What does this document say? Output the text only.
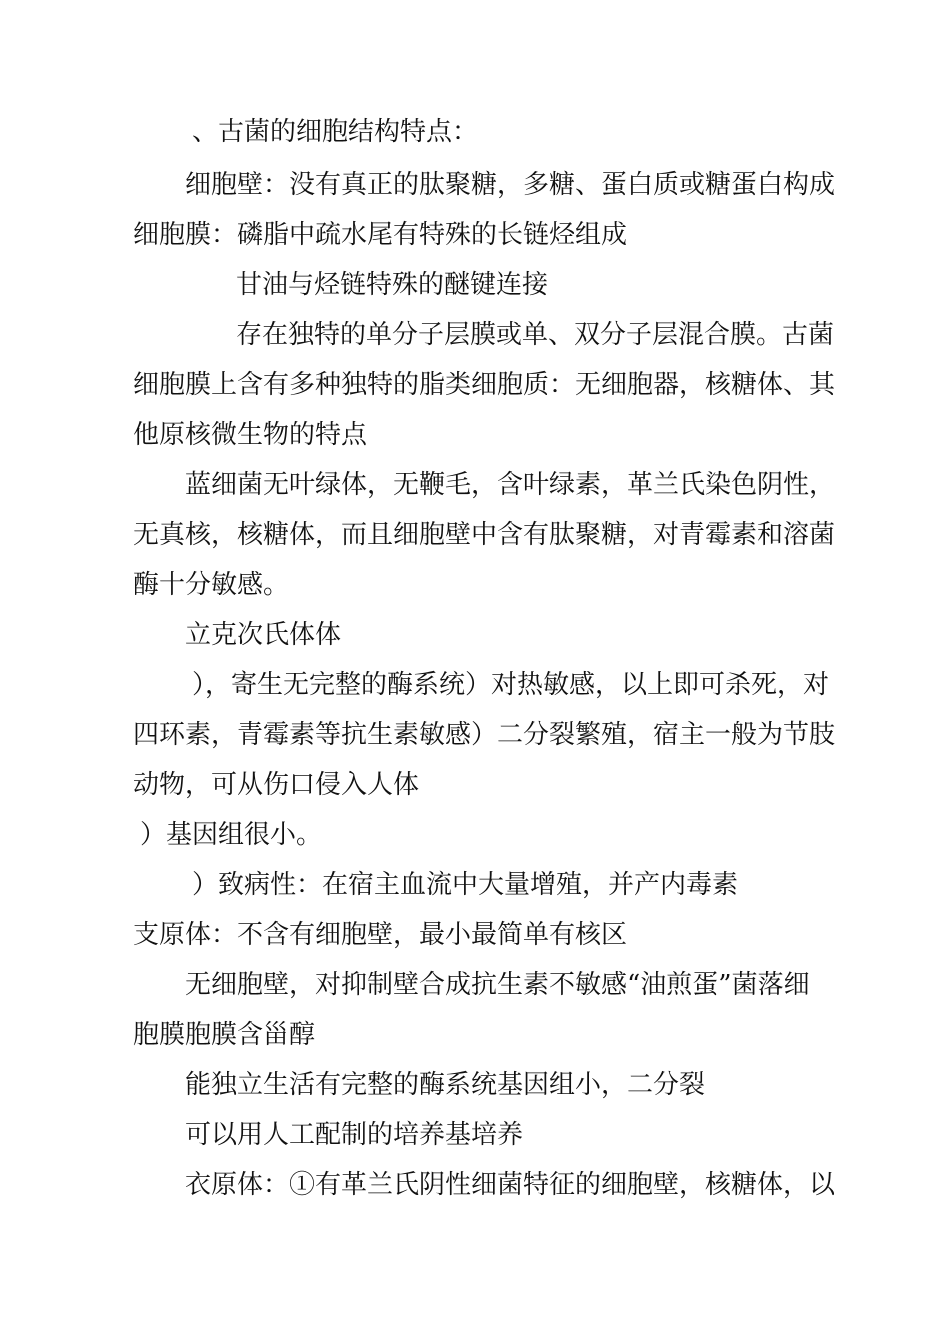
、古菌的细胞结构特点：
细胞壁：没有真正的肽聚糖，多糖、蛋白质或糖蛋白构成
细胞膜：磷脂中疏水尾有特殊的长链烃组成
甘油与烃链特殊的醚键连接
存在独特的单分子层膜或单、双分子层混合膜。古菌
细胞膜上含有多种独特的脂类细胞质：无细胞器，核糖体、其
他原核微生物的特点
蓝细菌无叶绿体，无鞭毛，含叶绿素，革兰氏染色阴性，
无真核，核糖体，而且细胞壁中含有肽聚糖，对青霉素和溶菌
酶十分敏感。
立克次氏体体
），寄生无完整的酶系统）对热敏感，以上即可杀死，对
四环素，青霉素等抗生素敏感）二分裂繁殖，宿主一般为节肢
动物，可从伤口侵入人体
）基因组很小。
）致病性：在宿主血流中大量增殖，并产内毒素
支原体：不含有细胞壁，最小最简单有核区
无细胞壁，对抑制壁合成抗生素不敏感“油煎蛋”菌落细
胞膜胞膜含甾醇
能独立生活有完整的酶系统基因组小，二分裂
可以用人工配制的培养基培养
衣原体：①有革兰氏阴性细菌特征的细胞壁，核糖体，以
